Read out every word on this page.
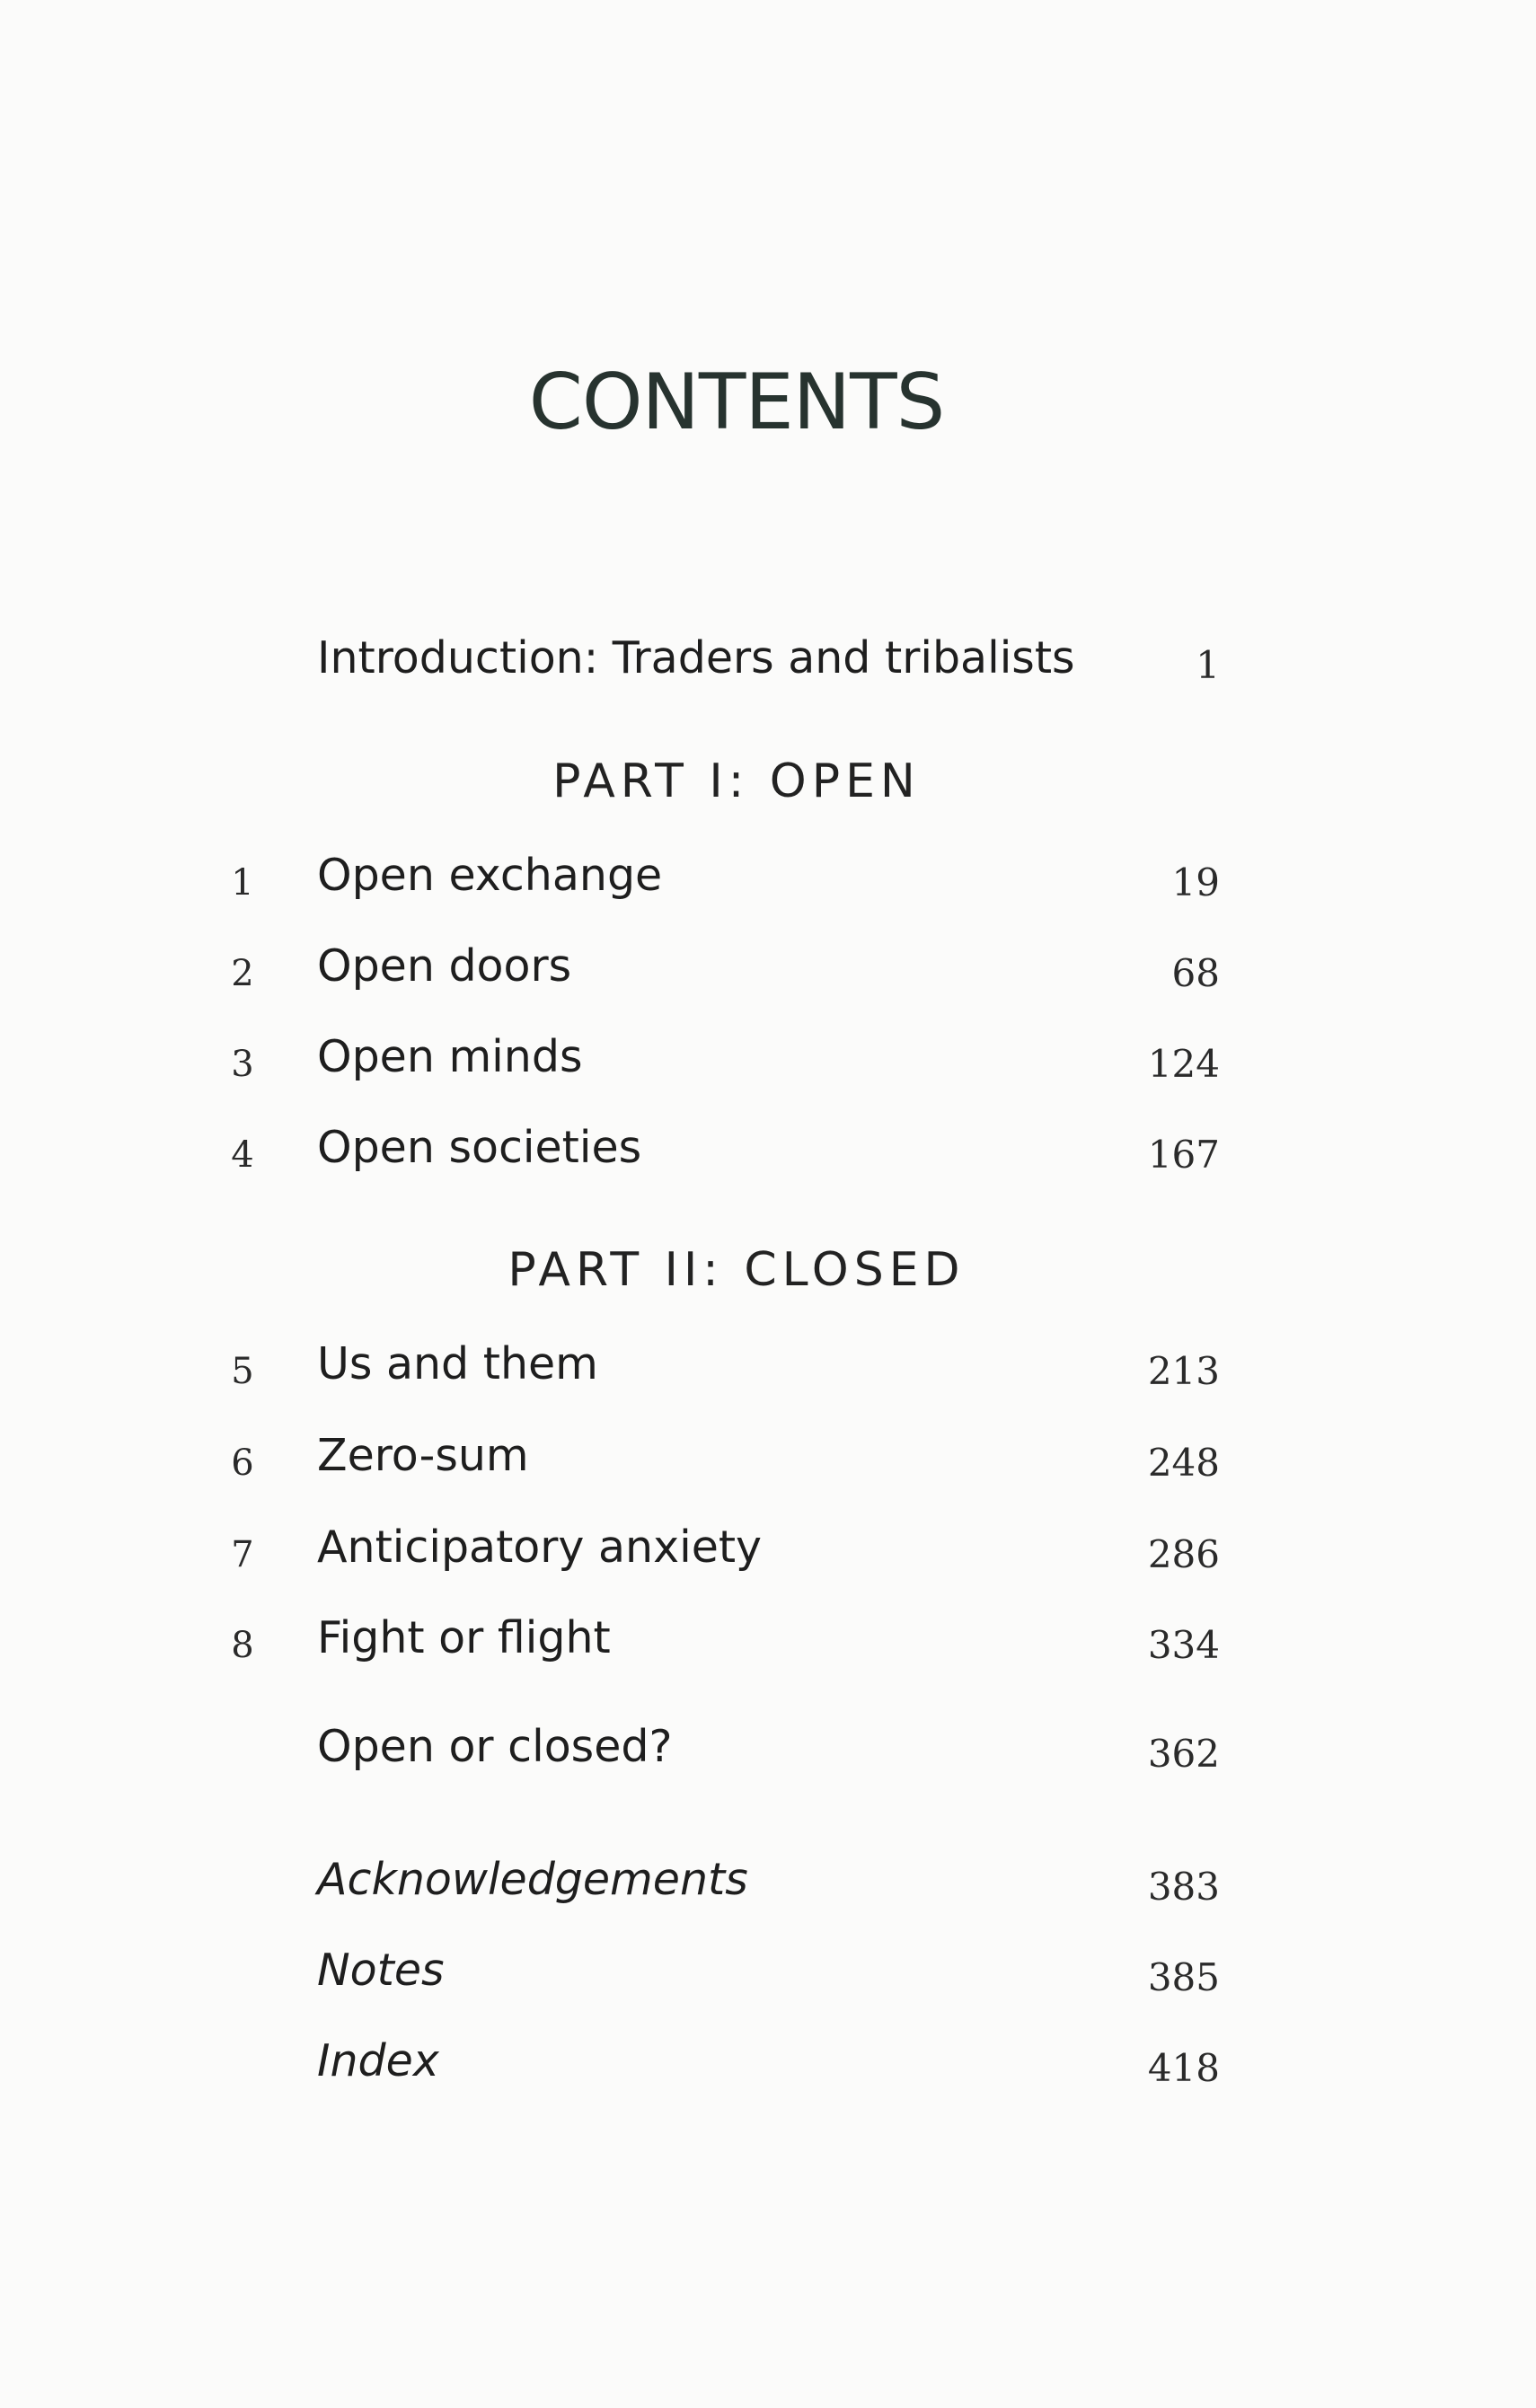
CONTENTS
Introduction: Traders and tribalists	1
PART I: OPEN
1 Open exchange	19
2 Open doors	68
3 Open minds	124
4 Open societies	167
PART II: CLOSED
5 Us and them	213
6 Zero-sum	248
7 Anticipatory anxiety	286
8 Fight or flight	334
Open or closed?	362
Acknowledgements	383
Notes	385
Index	418
